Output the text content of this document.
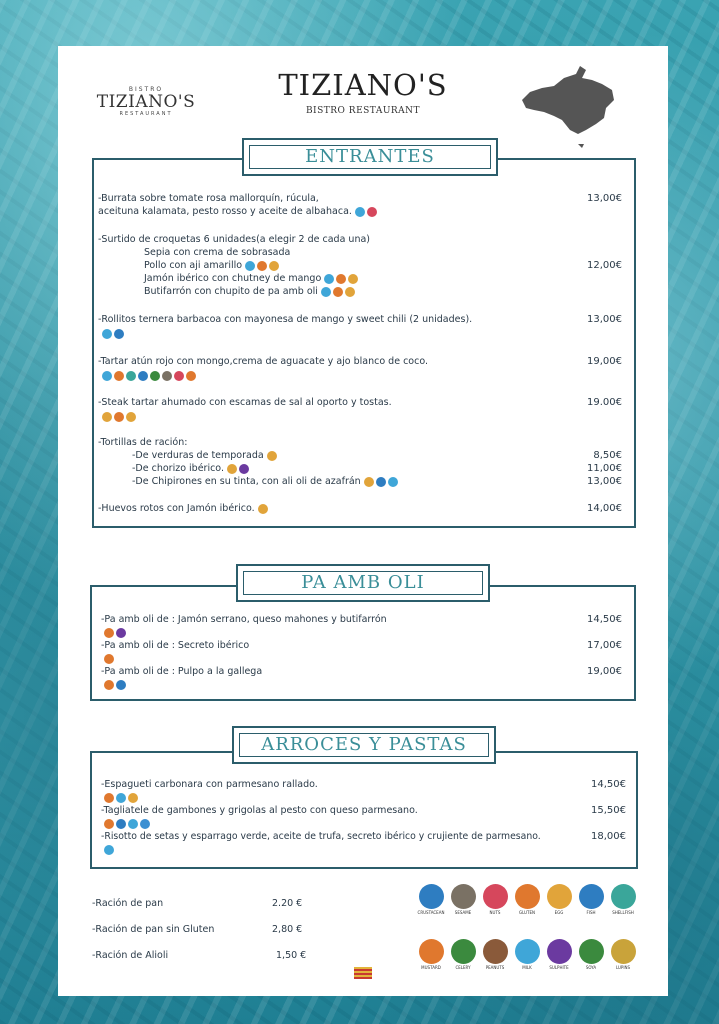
BISTRO
TIZIANO'S
RESTAURANT
TIZIANO'S
BISTRO RESTAURANT
ENTRANTES
-Burrata sobre tomate rosa mallorquín, rúcula,
aceituna kalamata, pesto rosso y aceite de albahaca.
13,00€
-Surtido de croquetas 6 unidades(a elegir 2 de cada una)
Sepia con crema de sobrasada
Pollo con aji amarillo
Jamón ibérico con chutney de mango
Butifarrón con chupito de pa amb oli
12,00€
-Rollitos ternera barbacoa con mayonesa de mango y sweet chili (2 unidades).	13,00€
-Tartar atún rojo con mongo,crema de aguacate y ajo blanco de coco.	19,00€
-Steak tartar ahumado con escamas de sal al oporto y tostas.	19.00€
-Tortillas de ración:
-De verduras de temporada	8,50€
-De chorizo ibérico.	11,00€
-De Chipirones en su tinta, con ali oli de azafrán	13,00€
-Huevos rotos con Jamón ibérico.	14,00€
PA AMB OLI
-Pa amb oli de : Jamón serrano, queso mahones y butifarrón	14,50€
-Pa amb oli de : Secreto ibérico	17,00€
-Pa amb oli de : Pulpo a la gallega	19,00€
ARROCES Y PASTAS
-Espagueti carbonara con parmesano rallado.	14,50€
-Tagliatele de gambones y grigolas al pesto con queso parmesano.	15,50€
-Risotto de setas y esparrago verde, aceite de trufa, secreto ibérico y crujiente de parmesano.	18,00€
-Ración de pan	2.20 €
-Ración de pan sin Gluten	2,80 €
-Ración de Alioli	1,50 €
CRUSTACEAN	SESAME	NUTS	GLUTEN	EGG	FISH	SHELLFISH
MUSTARD	CELERY	PEANUTS	MILK	SULPHITE	SOYA	LUPINS
